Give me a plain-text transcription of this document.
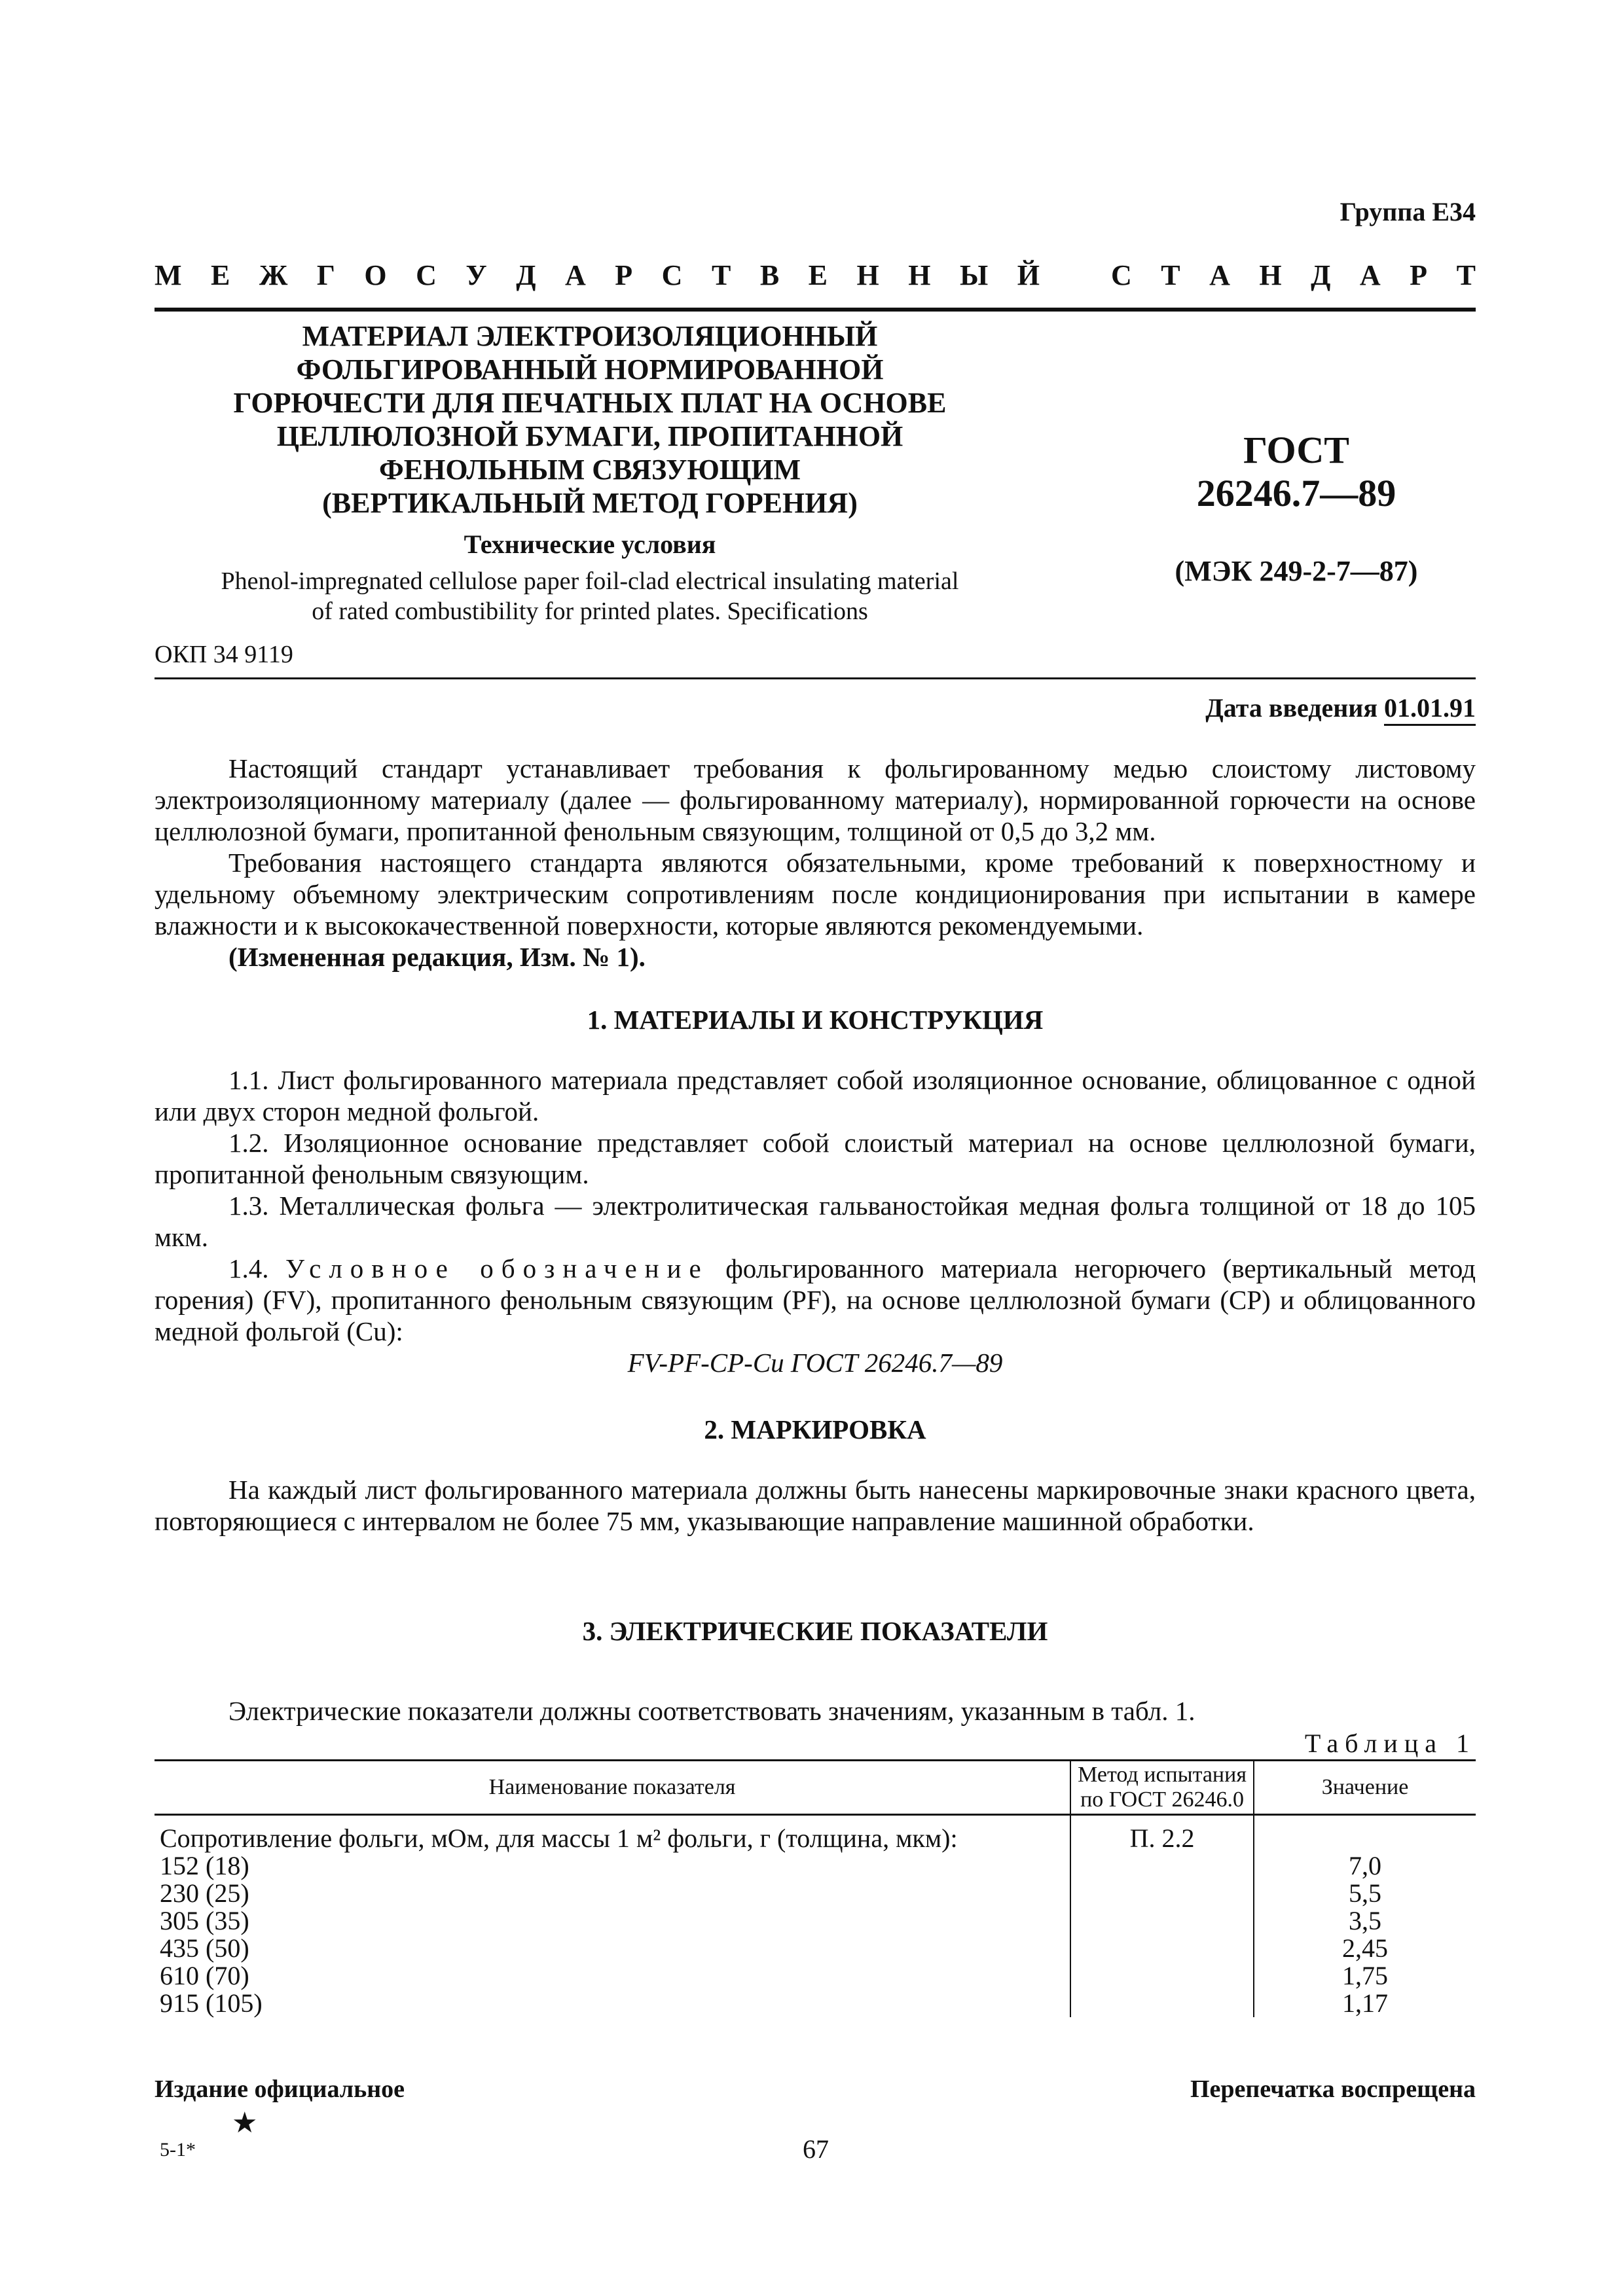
Группа Е34
М Е Ж Г О С У Д А Р С Т В Е Н Н Ы Й С Т А Н Д А Р Т
МАТЕРИАЛ ЭЛЕКТРОИЗОЛЯЦИОННЫЙ
ФОЛЬГИРОВАННЫЙ НОРМИРОВАННОЙ
ГОРЮЧЕСТИ ДЛЯ ПЕЧАТНЫХ ПЛАТ НА ОСНОВЕ
ЦЕЛЛЮЛОЗНОЙ БУМАГИ, ПРОПИТАННОЙ
ФЕНОЛЬНЫМ СВЯЗУЮЩИМ
(ВЕРТИКАЛЬНЫЙ МЕТОД ГОРЕНИЯ)
Технические условия
Phenol-impregnated cellulose paper foil-clad electrical insulating material
of rated combustibility for printed plates. Specifications
ГОСТ
26246.7—89
(МЭК 249-2-7—87)
ОКП 34 9119
Дата введения 01.01.91
Настоящий стандарт устанавливает требования к фольгированному медью слоистому листовому электроизоляционному материалу (далее — фольгированному материалу), нормированной горючести на основе целлюлозной бумаги, пропитанной фенольным связующим, толщиной от 0,5 до 3,2 мм.
Требования настоящего стандарта являются обязательными, кроме требований к поверхностному и удельному объемному электрическим сопротивлениям после кондиционирования при испытании в камере влажности и к высококачественной поверхности, которые являются рекомендуемыми.
(Измененная редакция, Изм. № 1).
1. МАТЕРИАЛЫ И КОНСТРУКЦИЯ
1.1. Лист фольгированного материала представляет собой изоляционное основание, облицованное с одной или двух сторон медной фольгой.
1.2. Изоляционное основание представляет собой слоистый материал на основе целлюлозной бумаги, пропитанной фенольным связующим.
1.3. Металлическая фольга — электролитическая гальваностойкая медная фольга толщиной от 18 до 105 мкм.
1.4. Условное обозначение фольгированного материала негорючего (вертикальный метод горения) (FV), пропитанного фенольным связующим (PF), на основе целлюлозной бумаги (CP) и облицованного медной фольгой (Cu):
FV-PF-CP-Cu ГОСТ 26246.7—89
2. МАРКИРОВКА
На каждый лист фольгированного материала должны быть нанесены маркировочные знаки красного цвета, повторяющиеся с интервалом не более 75 мм, указывающие направление машинной обработки.
3. ЭЛЕКТРИЧЕСКИЕ ПОКАЗАТЕЛИ
Электрические показатели должны соответствовать значениям, указанным в табл. 1.
Таблица 1
Наименование показателя	Метод испытания по ГОСТ 26246.0	Значение
Сопротивление фольги, мОм, для массы 1 м² фольги, г (толщина, мкм):	П. 2.2	
152 (18)		7,0
230 (25)		5,5
305 (35)		3,5
435 (50)		2,45
610 (70)		1,75
915 (105)		1,17
Издание официальное	Перепечатка воспрещена
★
5-1*	67
